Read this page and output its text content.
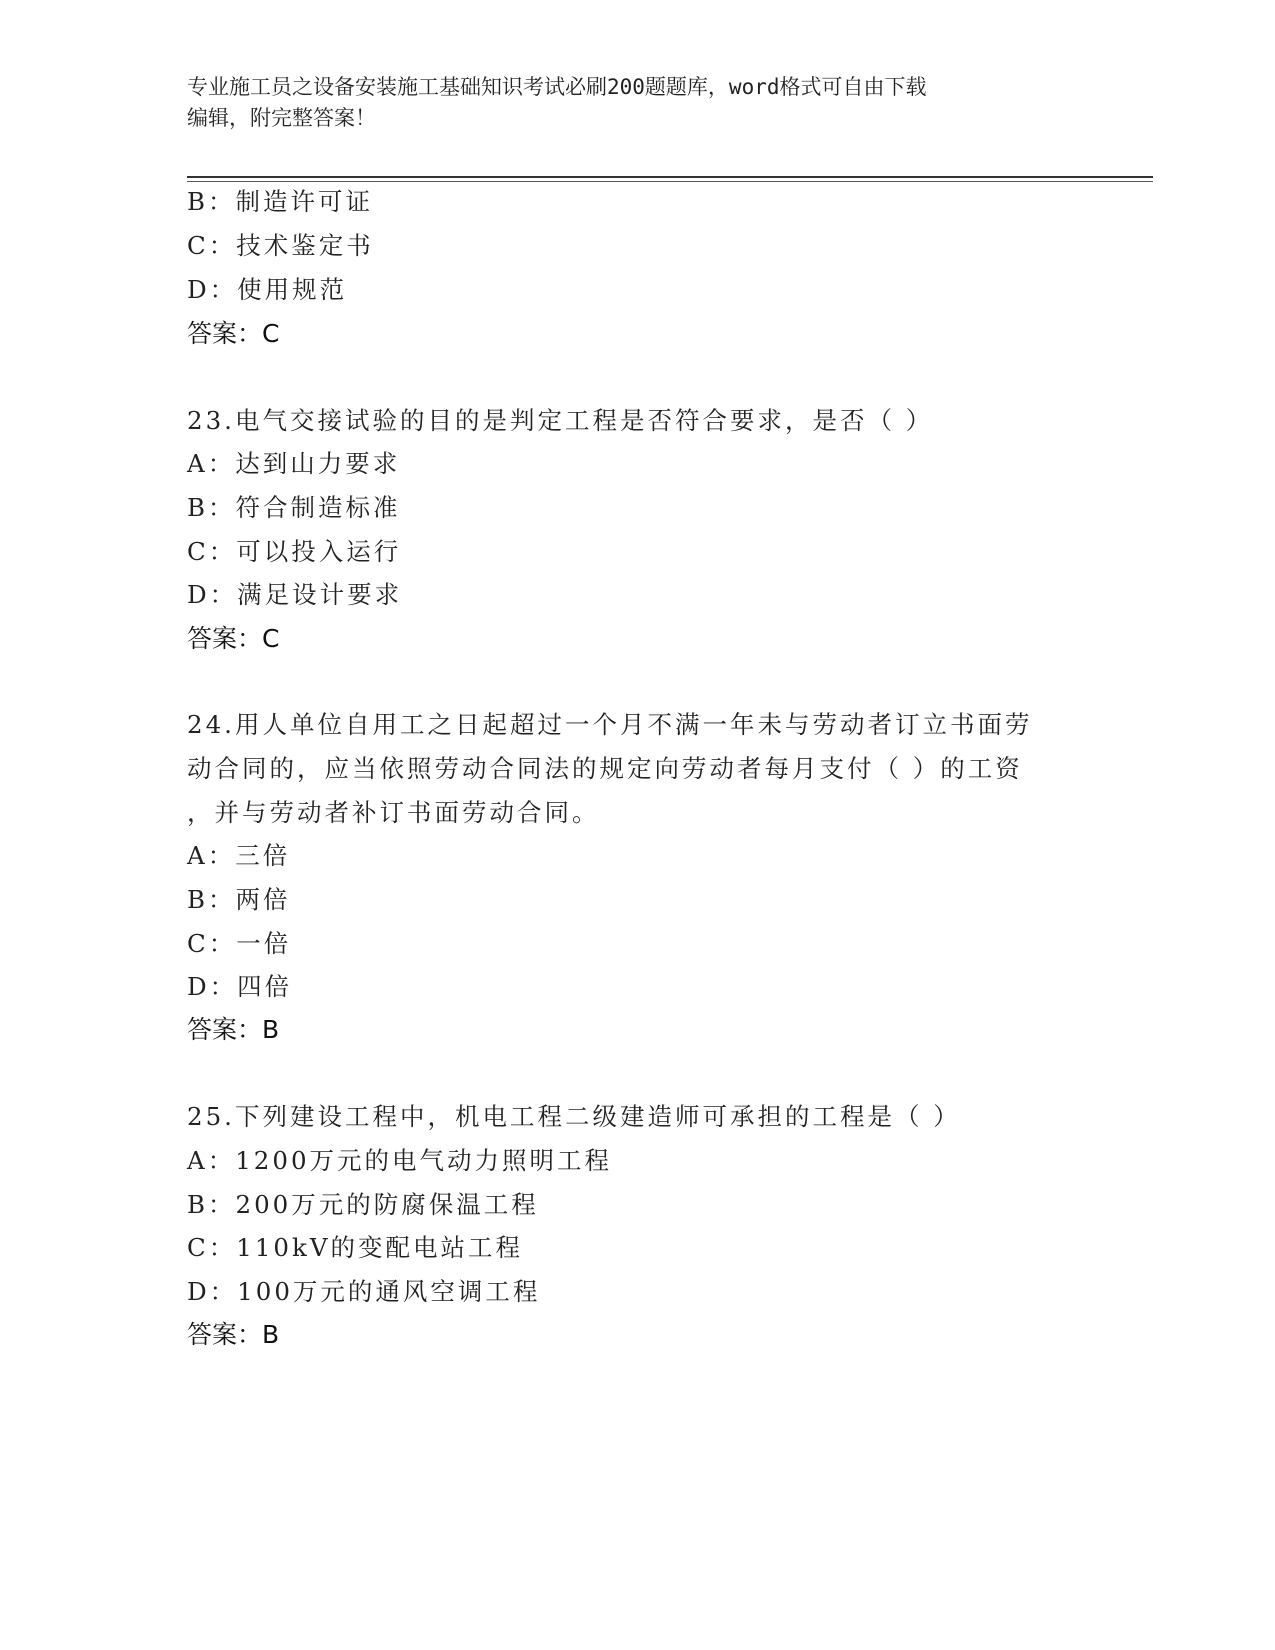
专业施工员之设备安装施工基础知识考试必刷200题题库，word格式可自由下载
编辑，附完整答案！
B：制造许可证
C：技术鉴定书
D：使用规范
答案：C
23.电气交接试验的目的是判定工程是否符合要求，是否（ ）
A：达到山力要求
B：符合制造标准
C：可以投入运行
D：满足设计要求
答案：C
24.用人单位自用工之日起超过一个月不满一年未与劳动者订立书面劳
动合同的，应当依照劳动合同法的规定向劳动者每月支付（ ）的工资
，并与劳动者补订书面劳动合同。
A：三倍
B：两倍
C：一倍
D：四倍
答案：B
25.下列建设工程中，机电工程二级建造师可承担的工程是（ ）
A：1200万元的电气动力照明工程
B：200万元的防腐保温工程
C：110kV的变配电站工程
D：100万元的通风空调工程
答案：B
